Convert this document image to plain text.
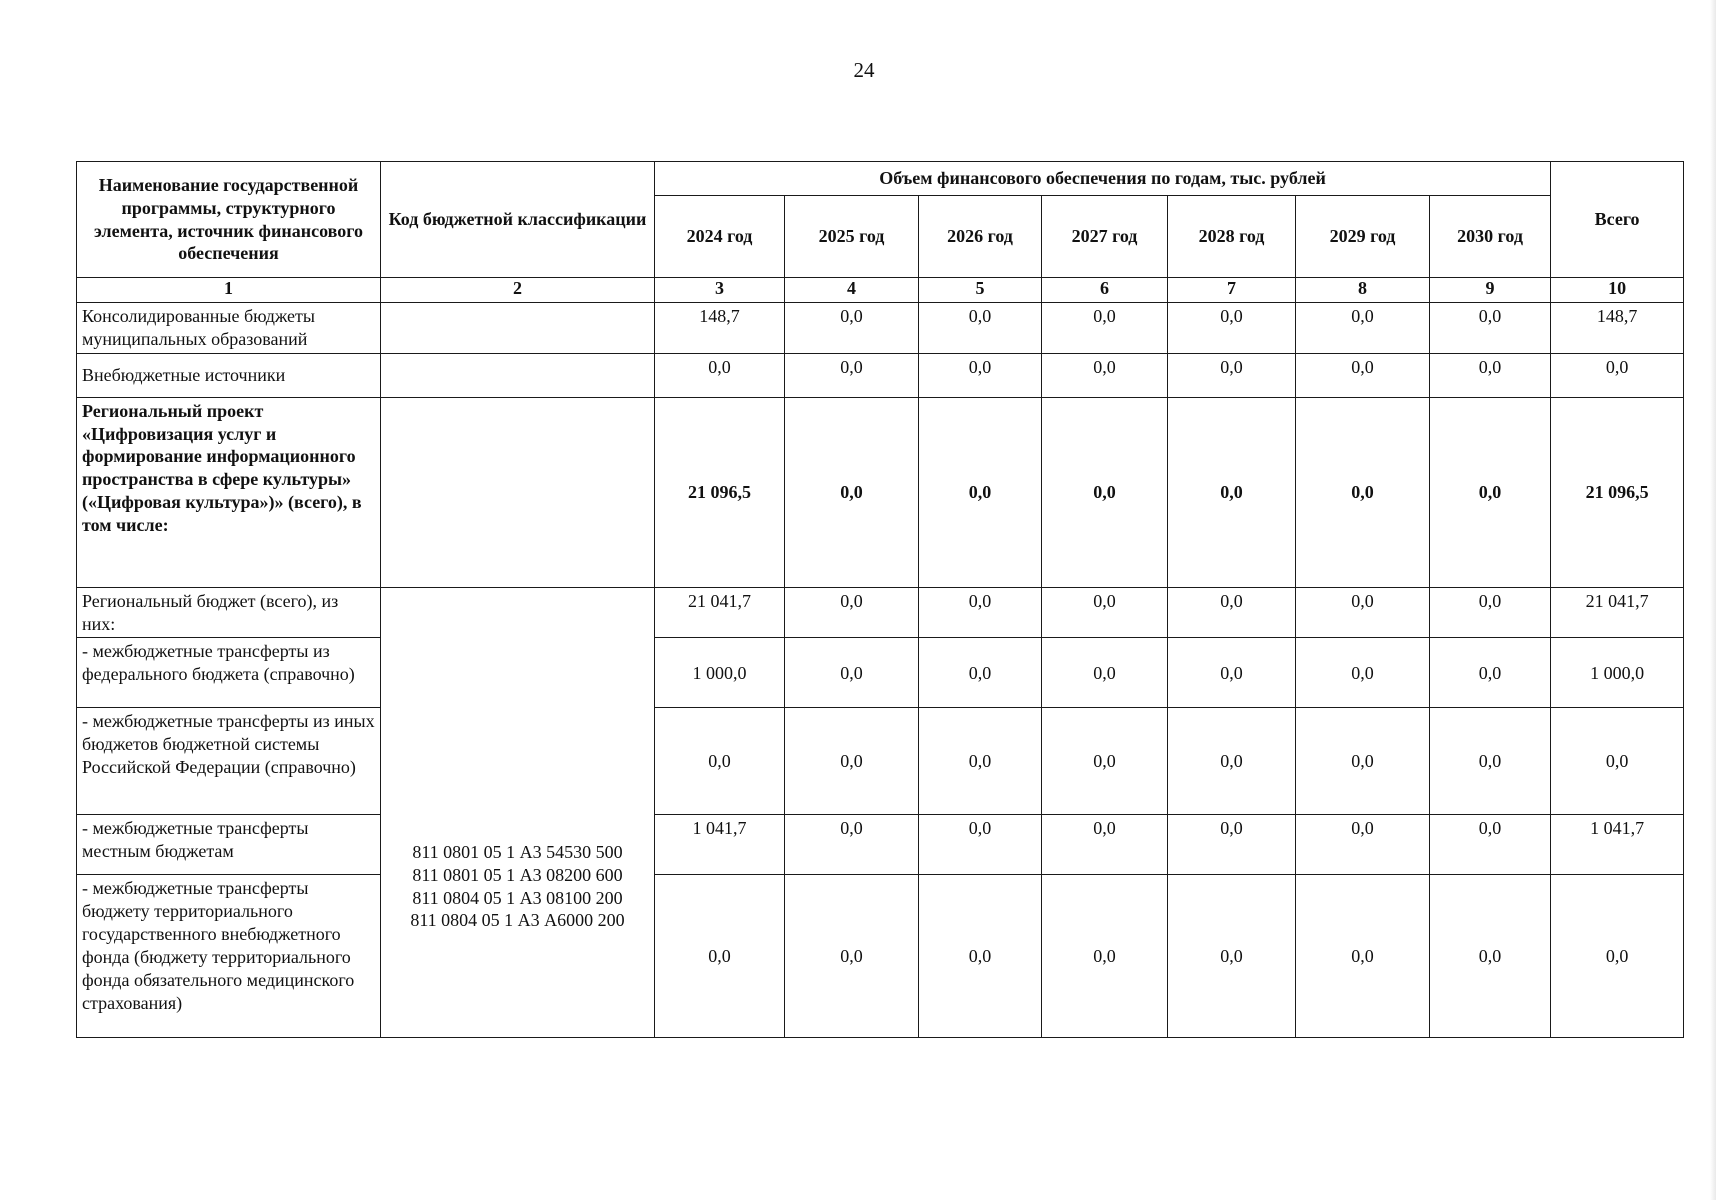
24
Наименование государственной программы, структурного элемента, источник финансового обеспечения	Код бюджетной классификации	Объем финансового обеспечения по годам, тыс. рублей							Всего
		2024 год	2025 год	2026 год	2027 год	2028 год	2029 год	2030 год	
1	2	3	4	5	6	7	8	9	10
Консолидированные бюджеты муниципальных образований		148,7	0,0	0,0	0,0	0,0	0,0	0,0	148,7
Внебюджетные источники		0,0	0,0	0,0	0,0	0,0	0,0	0,0	0,0
Региональный проект «Цифровизация услуг и формирование информационного пространства в сфере культуры» («Цифровая культура»)» (всего), в том числе:		21 096,5	0,0	0,0	0,0	0,0	0,0	0,0	21 096,5
Региональный бюджет (всего), из них:	811 0801 05 1 А3 54530 500
811 0801 05 1 А3 08200 600
811 0804 05 1 А3 08100 200
811 0804 05 1 А3 А6000 200	21 041,7	0,0	0,0	0,0	0,0	0,0	0,0	21 041,7
- межбюджетные трансферты из федерального бюджета (справочно)		1 000,0	0,0	0,0	0,0	0,0	0,0	0,0	1 000,0
- межбюджетные трансферты из иных бюджетов бюджетной системы Российской Федерации (справочно)		0,0	0,0	0,0	0,0	0,0	0,0	0,0	0,0
- межбюджетные трансферты местным бюджетам		1 041,7	0,0	0,0	0,0	0,0	0,0	0,0	1 041,7
- межбюджетные трансферты бюджету территориального государственного внебюджетного фонда (бюджету территориального фонда обязательного медицинского страхования)		0,0	0,0	0,0	0,0	0,0	0,0	0,0	0,0
